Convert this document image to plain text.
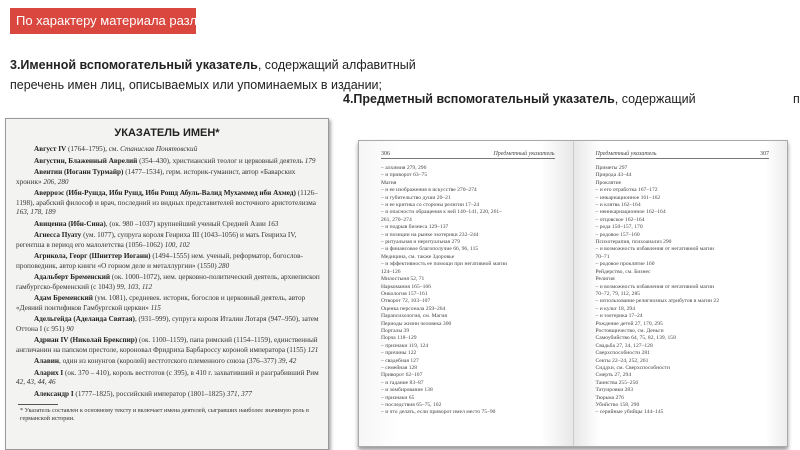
По характеру материала различаются:
3.Именной вспомогательный указатель, содержащий алфавитный
перечень имен лиц, описываемых или упоминаемых в издании;
4.Предметный вспомогательный указатель, содержащий	п
УКАЗАТЕЛЬ ИМЕН*
Август IV (1764–1795), см. Станислав Понятовский
Августин, Блаженный Аврелий (354–430), христианский теолог и церковный деятель 179
Авентин (Иоганн Турмайр) (1477–1534), герм. историк-гуманист, автор «Баварских хроник» 206, 280
Аверроэс (Ибн-Рушда, Ибн Рушд, Ибн Рошд Абуль-Валид Мухаммед ибн Ахмед) (1126–1198), арабский философ и врач, последний из видных представителей восточного аристотелизма 163, 178, 189
Авиценна (Ибн-Сина), (ок. 980 –1037) крупнейший ученый Средней Азии 163
Агнесса Пуату (ум. 1077), супруга короля Генриха III (1043–1056) и мать Генриха IV, регентша в период его малолетства (1056–1062) 100, 102
Агрикола, Георг (Шниттер Иоганн) (1494–1555) нем. ученый, реформатор, богослов-проповедник, автор книги «О горном деле и металлургии» (1550) 280
Адальберт Бременский (ок. 1000–1072), нем. церковно-политический деятель, архиепископ гамбургско-бременский (с 1043) 99, 103, 112
Адам Бременский (ум. 1081), средневек. историк, богослов и церковный деятель, автор «Деяний понтификов Гамбургской церкви» 115
Адельгейда (Аделаида Святая), (931–999), супруга короля Италии Лотаря (947–950), затем Оттона I (с 951) 90
Адриан IV (Николай Брекспир) (ок. 1100–1159), папа римский (1154–1159), единственный англичанин на папском престоле, короновал Фридриха Барбароссу короной императора (1155) 121
Алавин, один из конунгов (королей) вестготского племенного союза (376–377) 39, 42
Аларих I (ок. 370 – 410), король вестготов (с 395), в 410 г. захвативший и разграбивший Рим 42, 43, 44, 46
Александр I (1777–1825), российский император (1801–1825) 371, 377
* Указатель составлен к основному тексту и включает имена деятелей, сыгравших наиболее значимую роль в германской истории.
306	Предметный указатель
– алхимия 279, 296
– и приворот 63–75
Магия
– и ее изображения в искусстве 270–274
– и губительство души 20–21
– и ее критика со стороны религии 17–24
– и опасности обращения к ней 140–141, 220, 261–
261, 270–274
– и подрыв бизнеса 129–137
– и позиции на рынке эзотерики 232–244
– ритуальная и неритуальная 279
– и финансовое благополучие 66, 96, 115
Медицина, см. также Здоровье
– и эффективность ее помощи при негативной магии
124–126
Милостыня 52, 71
Наркомания 165–166
Онкология 157–161
Отворот 72, 103–107
Оценка персонала 259–264
Парапсихология, см. Магия
Периоды жизни человека 300
Порталы 39
Порча 118–129
– признаки 119, 124
– причины 122
– свадебная 127
– семейная 128
Приворот 62–107
– и гадание 83–87
– и зомбирование 138
– признаки 65
– последствия 65–75, 102
– и что делать, если приворот имел место 75–90
Предметный указатель	307
Приметы 297
Природа 43–44
Проклятие
– и его отработка 167–172
– инкарнационное 161–162
– и клятва 162–164
– неинкарнационное 162–164
– отцовское 162–164
– рода 150–157, 170
– родовое 157–160
Психотерапия, психоанализ 290
– и возможность избавления от негативной магии
70–71
– родовое проклятие 160
Рейдерство, см. Бизнес
Религия
– и возможность избавления от негативной магии
70–72, 79, 112, 285
– использование религиозных атрибутов в магии 22
– и культ 18, 294
– и эзотерика 17–24
Рождение детей 27, 170, 295
Ростовщичество, см. Деньги
Самоубийство 64, 75, 82, 139, 158
Свадьба 27, 34, 127–128
Сверхспособности 281
Секты 22–24, 252, 261
Сиддхи, см. Сверхспособности
Смерть 27, 294
Таинства 255–256
Татуировки 283
Тюрьма 276
Убийство 158, 290
– серийные убийцы 144–145
